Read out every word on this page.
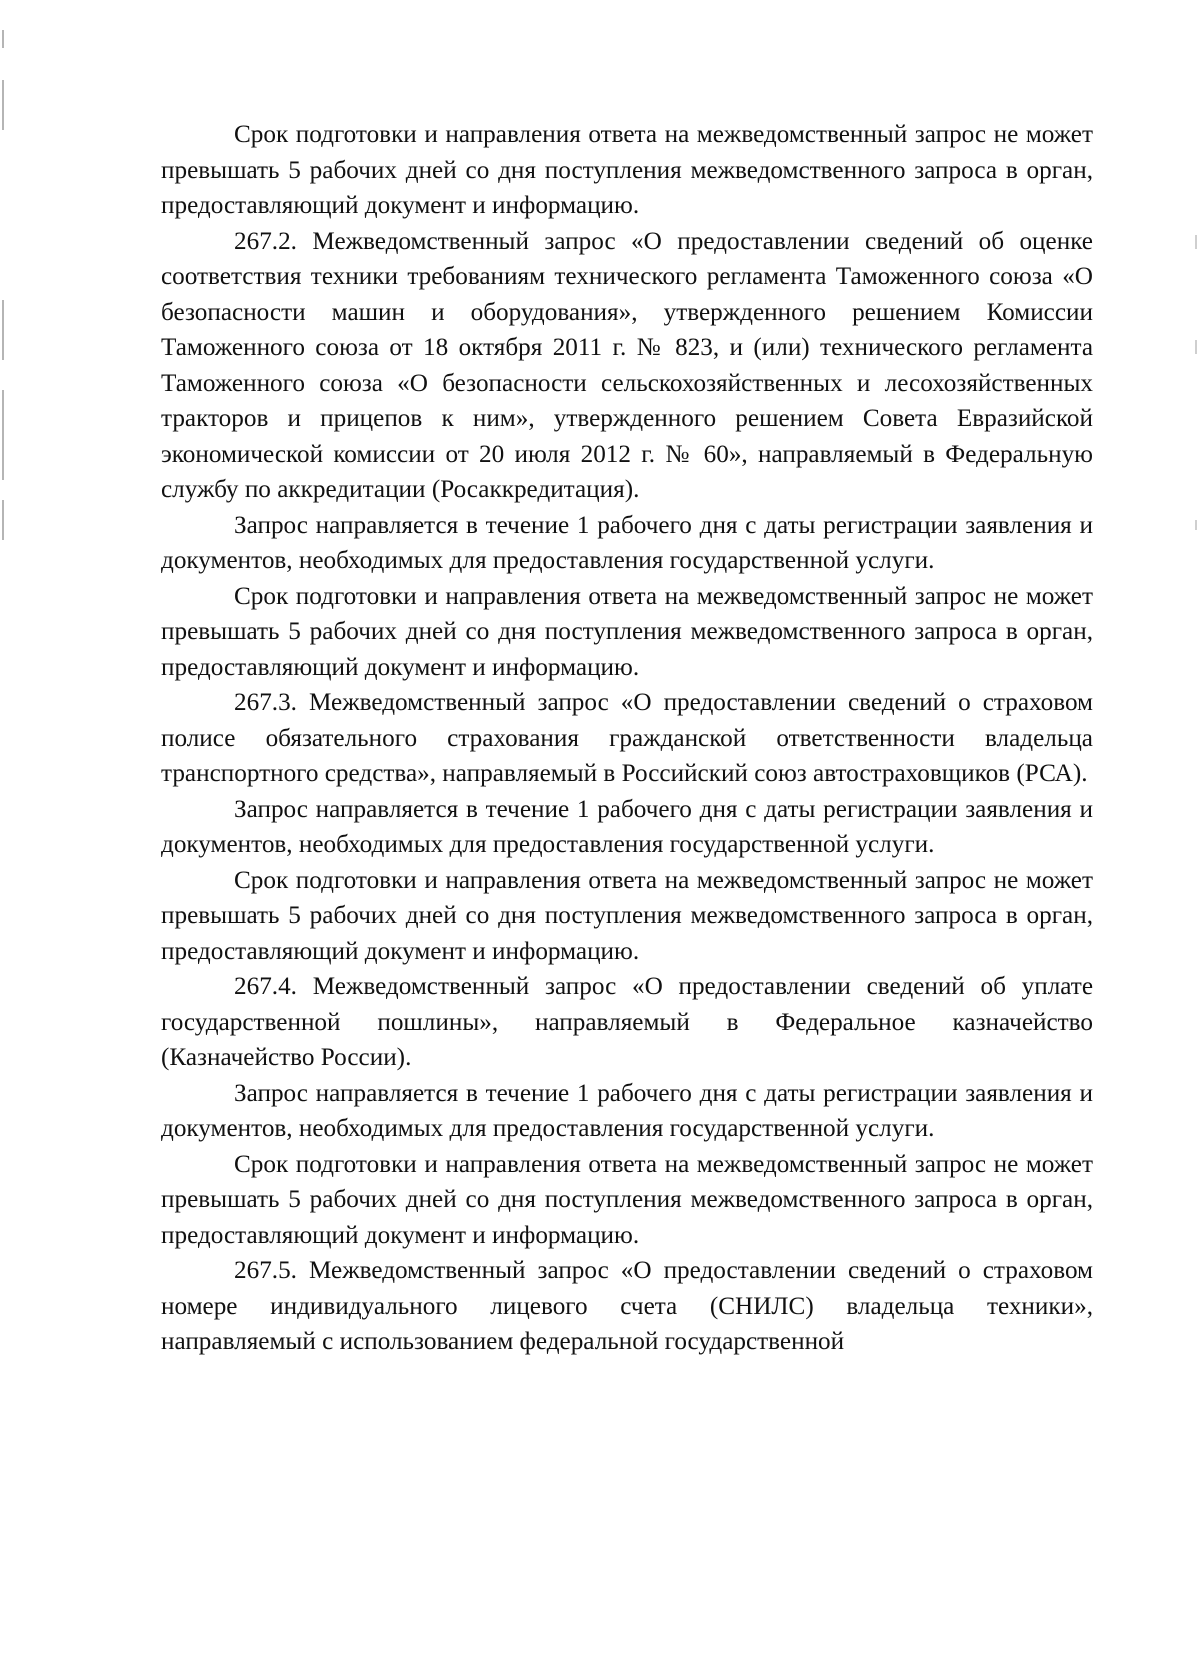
Срок подготовки и направления ответа на межведомственный запрос не может превышать 5 рабочих дней со дня поступления межведомственного запроса в орган, предоставляющий документ и информацию.

267.2. Межведомственный запрос «О предоставлении сведений об оценке соответствия техники требованиям технического регламента Таможенного союза «О безопасности машин и оборудования», утвержденного решением Комиссии Таможенного союза от 18 октября 2011 г. № 823, и (или) технического регламента Таможенного союза «О безопасности сельскохозяйственных и лесохозяйственных тракторов и прицепов к ним», утвержденного решением Совета Евразийской экономической комиссии от 20 июля 2012 г. № 60», направляемый в Федеральную службу по аккредитации (Росаккредитация).

Запрос направляется в течение 1 рабочего дня с даты регистрации заявления и документов, необходимых для предоставления государственной услуги.

Срок подготовки и направления ответа на межведомственный запрос не может превышать 5 рабочих дней со дня поступления межведомственного запроса в орган, предоставляющий документ и информацию.

267.3. Межведомственный запрос «О предоставлении сведений о страховом полисе обязательного страхования гражданской ответственности владельца транспортного средства», направляемый в Российский союз автостраховщиков (РСА).

Запрос направляется в течение 1 рабочего дня с даты регистрации заявления и документов, необходимых для предоставления государственной услуги.

Срок подготовки и направления ответа на межведомственный запрос не может превышать 5 рабочих дней со дня поступления межведомственного запроса в орган, предоставляющий документ и информацию.

267.4. Межведомственный запрос «О предоставлении сведений об уплате государственной пошлины», направляемый в Федеральное казначейство (Казначейство России).

Запрос направляется в течение 1 рабочего дня с даты регистрации заявления и документов, необходимых для предоставления государственной услуги.

Срок подготовки и направления ответа на межведомственный запрос не может превышать 5 рабочих дней со дня поступления межведомственного запроса в орган, предоставляющий документ и информацию.

267.5. Межведомственный запрос «О предоставлении сведений о страховом номере индивидуального лицевого счета (СНИЛС) владельца техники», направляемый с использованием федеральной государственной
